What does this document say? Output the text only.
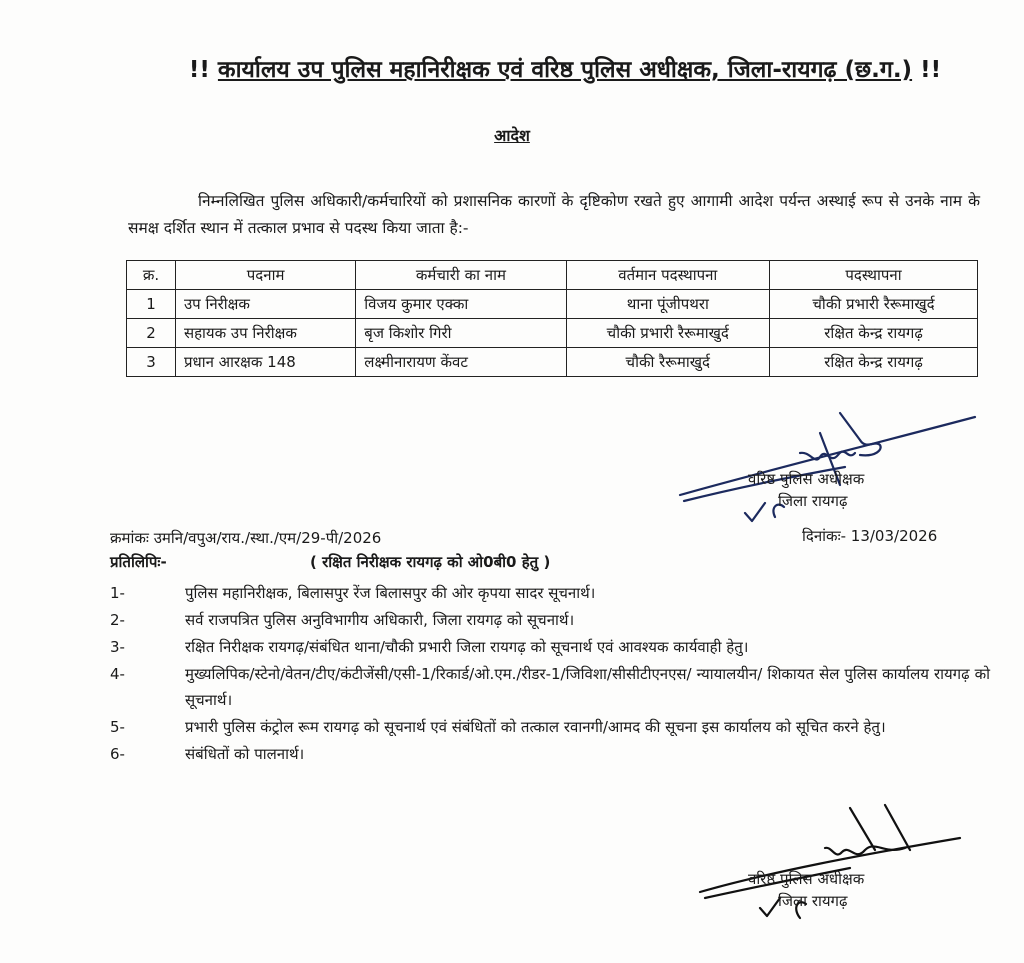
!! कार्यालय उप पुलिस महानिरीक्षक एवं वरिष्ठ पुलिस अधीक्षक, जिला-रायगढ़ (छ.ग.) !!
आदेश
निम्नलिखित पुलिस अधिकारी/कर्मचारियों को प्रशासनिक कारणों के दृष्टिकोण रखते हुए आगामी आदेश पर्यन्त अस्थाई रूप से उनके नाम के समक्ष दर्शित स्थान में तत्काल प्रभाव से पदस्थ किया जाता है:-
क्र.	पदनाम	कर्मचारी का नाम	वर्तमान पदस्थापना	पदस्थापना
1	उप निरीक्षक	विजय कुमार एक्का	थाना पूंजीपथरा	चौकी प्रभारी रैरूमाखुर्द
2	सहायक उप निरीक्षक	बृज किशोर गिरी	चौकी प्रभारी रैरूमाखुर्द	रक्षित केन्द्र रायगढ़
3	प्रधान आरक्षक 148	लक्ष्मीनारायण केंवट	चौकी रैरूमाखुर्द	रक्षित केन्द्र रायगढ़
वरिष्ठ पुलिस अधीक्षक
जिला रायगढ़
क्रमांकः उमनि/वपुअ/राय./स्था./एम/29-पी/2026	दिनांकः- 13/03/2026
प्रतिलिपिः-	( रक्षित निरीक्षक रायगढ़ को ओ0बी0 हेतु )
1-	पुलिस महानिरीक्षक, बिलासपुर रेंज बिलासपुर की ओर कृपया सादर सूचनार्थ।
2-	सर्व राजपत्रित पुलिस अनुविभागीय अधिकारी, जिला रायगढ़ को सूचनार्थ।
3-	रक्षित निरीक्षक रायगढ़/संबंधित थाना/चौकी प्रभारी जिला रायगढ़ को सूचनार्थ एवं आवश्यक कार्यवाही हेतु।
4-	मुख्यलिपिक/स्टेनो/वेतन/टीए/कंटीजेंसी/एसी-1/रिकार्ड/ओ.एम./रीडर-1/जिविशा/सीसीटीएनएस/ न्यायालयीन/ शिकायत सेल पुलिस कार्यालय रायगढ़ को सूचनार्थ।
5-	प्रभारी पुलिस कंट्रोल रूम रायगढ़ को सूचनार्थ एवं संबंधितों को तत्काल रवानगी/आमद की सूचना इस कार्यालय को सूचित करने हेतु।
6-	संबंधितों को पालनार्थ।
वरिष्ठ पुलिस अधीक्षक
जिला रायगढ़
